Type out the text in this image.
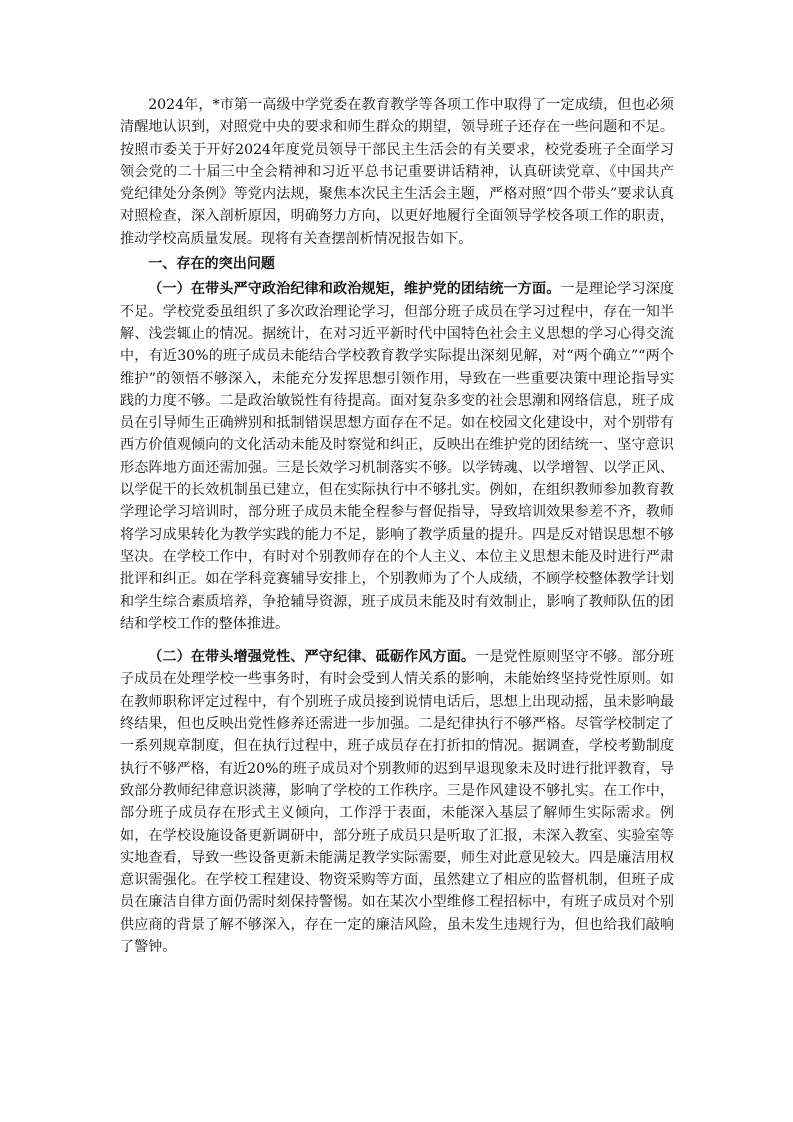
2024年，*市第一高级中学党委在教育教学等各项工作中取得了一定成绩，但也必须清醒地认识到，对照党中央的要求和师生群众的期望，领导班子还存在一些问题和不足。按照市委关于开好2024年度党员领导干部民主生活会的有关要求，校党委班子全面学习领会党的二十届三中全会精神和习近平总书记重要讲话精神，认真研读党章、《中国共产党纪律处分条例》等党内法规，聚焦本次民主生活会主题，严格对照“四个带头”要求认真对照检查，深入剖析原因，明确努力方向，以更好地履行全面领导学校各项工作的职责，推动学校高质量发展。现将有关查摆剖析情况报告如下。

一、存在的突出问题

（一）在带头严守政治纪律和政治规矩，维护党的团结统一方面。一是理论学习深度不足。学校党委虽组织了多次政治理论学习，但部分班子成员在学习过程中，存在一知半解、浅尝辄止的情况。据统计，在对习近平新时代中国特色社会主义思想的学习心得交流中，有近30%的班子成员未能结合学校教育教学实际提出深刻见解，对“两个确立”“两个维护”的领悟不够深入，未能充分发挥思想引领作用，导致在一些重要决策中理论指导实践的力度不够。二是政治敏锐性有待提高。面对复杂多变的社会思潮和网络信息，班子成员在引导师生正确辨别和抵制错误思想方面存在不足。如在校园文化建设中，对个别带有西方价值观倾向的文化活动未能及时察觉和纠正，反映出在维护党的团结统一、坚守意识形态阵地方面还需加强。三是长效学习机制落实不够。以学铸魂、以学增智、以学正风、以学促干的长效机制虽已建立，但在实际执行中不够扎实。例如，在组织教师参加教育教学理论学习培训时，部分班子成员未能全程参与督促指导，导致培训效果参差不齐，教师将学习成果转化为教学实践的能力不足，影响了教学质量的提升。四是反对错误思想不够坚决。在学校工作中，有时对个别教师存在的个人主义、本位主义思想未能及时进行严肃批评和纠正。如在学科竞赛辅导安排上，个别教师为了个人成绩，不顾学校整体教学计划和学生综合素质培养，争抢辅导资源，班子成员未能及时有效制止，影响了教师队伍的团结和学校工作的整体推进。

（二）在带头增强党性、严守纪律、砥砺作风方面。一是党性原则坚守不够。部分班子成员在处理学校一些事务时，有时会受到人情关系的影响，未能始终坚持党性原则。如在教师职称评定过程中，有个别班子成员接到说情电话后，思想上出现动摇，虽未影响最终结果，但也反映出党性修养还需进一步加强。二是纪律执行不够严格。尽管学校制定了一系列规章制度，但在执行过程中，班子成员存在打折扣的情况。据调查，学校考勤制度执行不够严格，有近20%的班子成员对个别教师的迟到早退现象未及时进行批评教育，导致部分教师纪律意识淡薄，影响了学校的工作秩序。三是作风建设不够扎实。在工作中，部分班子成员存在形式主义倾向，工作浮于表面，未能深入基层了解师生实际需求。例如，在学校设施设备更新调研中，部分班子成员只是听取了汇报，未深入教室、实验室等实地查看，导致一些设备更新未能满足教学实际需要，师生对此意见较大。四是廉洁用权意识需强化。在学校工程建设、物资采购等方面，虽然建立了相应的监督机制，但班子成员在廉洁自律方面仍需时刻保持警惕。如在某次小型维修工程招标中，有班子成员对个别供应商的背景了解不够深入，存在一定的廉洁风险，虽未发生违规行为，但也给我们敲响了警钟。
